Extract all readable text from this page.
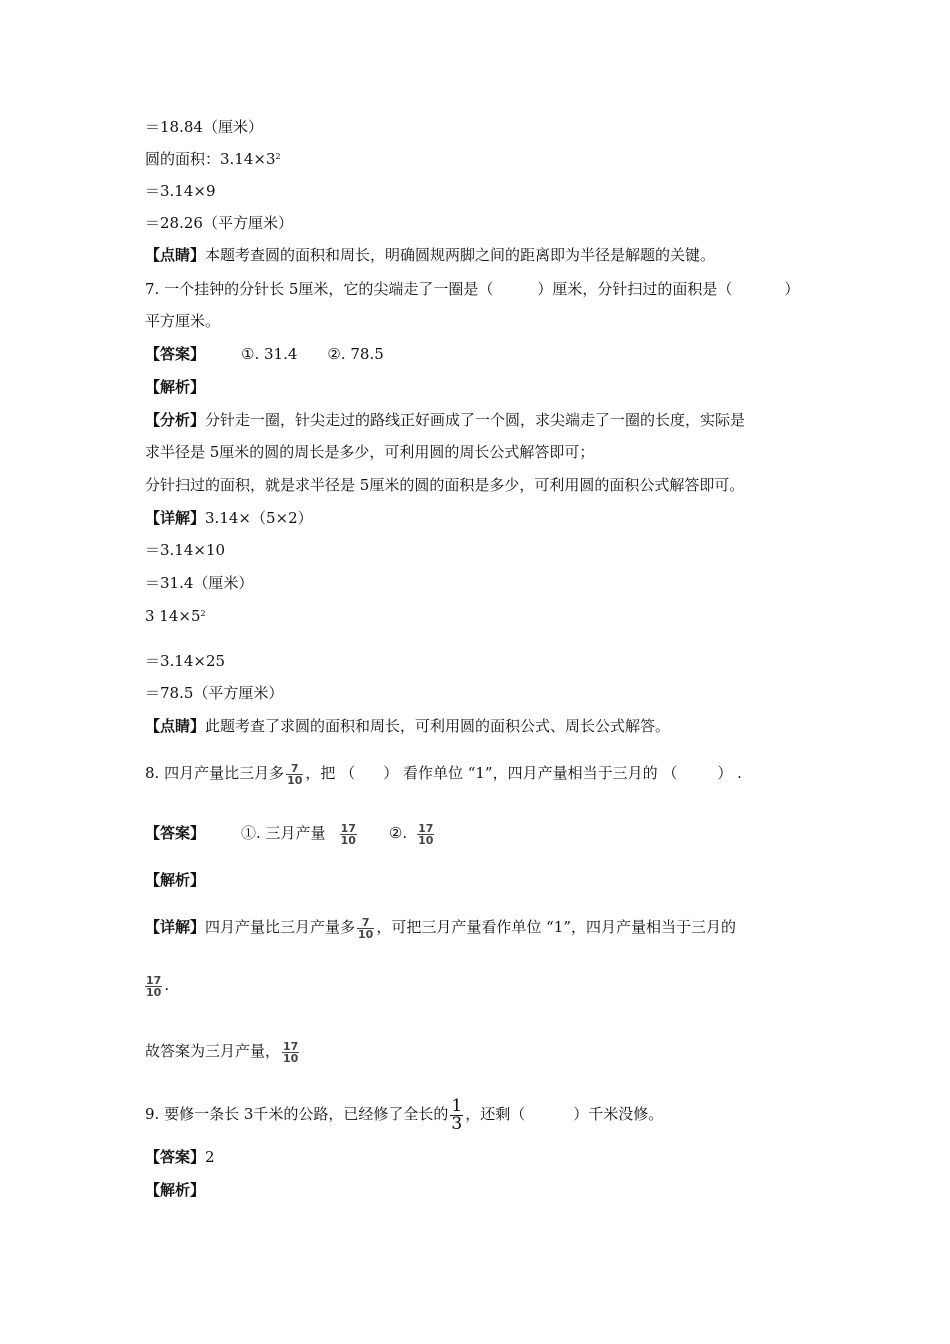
＝18.84（厘米）
圆的面积：$3.14\times 3^2$
＝3.14×9
＝28.26（平方厘米）
【点睛】本题考查圆的面积和周长，明确圆规两脚之间的距离即为半径是解题的关键。
7. 一个挂钟的分针长 5厘米，它的尖端走了一圈是（	）厘米，分针扫过的面积是（	）
平方厘米。
【答案】 ①. 31.4 ②. 78.5
【解析】
【分析】分针走一圈，针尖走过的路线正好画成了一个圆，求尖端走了一圈的长度，实际是
求半径是 5厘米的圆的周长是多少，可利用圆的周长公式解答即可；
分针扫过的面积，就是求半径是 5厘米的圆的面积是多少，可利用圆的面积公式解答即可。
【详解】3.14×（5×2）
＝3.14×10
＝31.4（厘米）
3 $14\times 5^2$
＝3.14×25
＝78.5（平方厘米）
【点睛】此题考查了求圆的面积和周长，可利用圆的面积公式、周长公式解答。
8. 四月产量比三月多 $\frac{7}{10}$ ，把 （ ） 看作单位 “1”，四月产量相当于三月的 （	） .
【答案】 ①. 三月产量 $\frac{17}{10}$ ②. $\frac{17}{10}$
【解析】
【详解】四月产量比三月产量多 $\frac{7}{10}$ ，可把三月产量看作单位 “1”，四月产量相当于三月的
$\frac{17}{10}$ .
故答案为三月产量， $\frac{17}{10}$
9. 要修一条长 3千米的公路，已经修了全长的 $\frac{1}{3}$ ，还剩（	）千米没修。
【答案】2
【解析】
